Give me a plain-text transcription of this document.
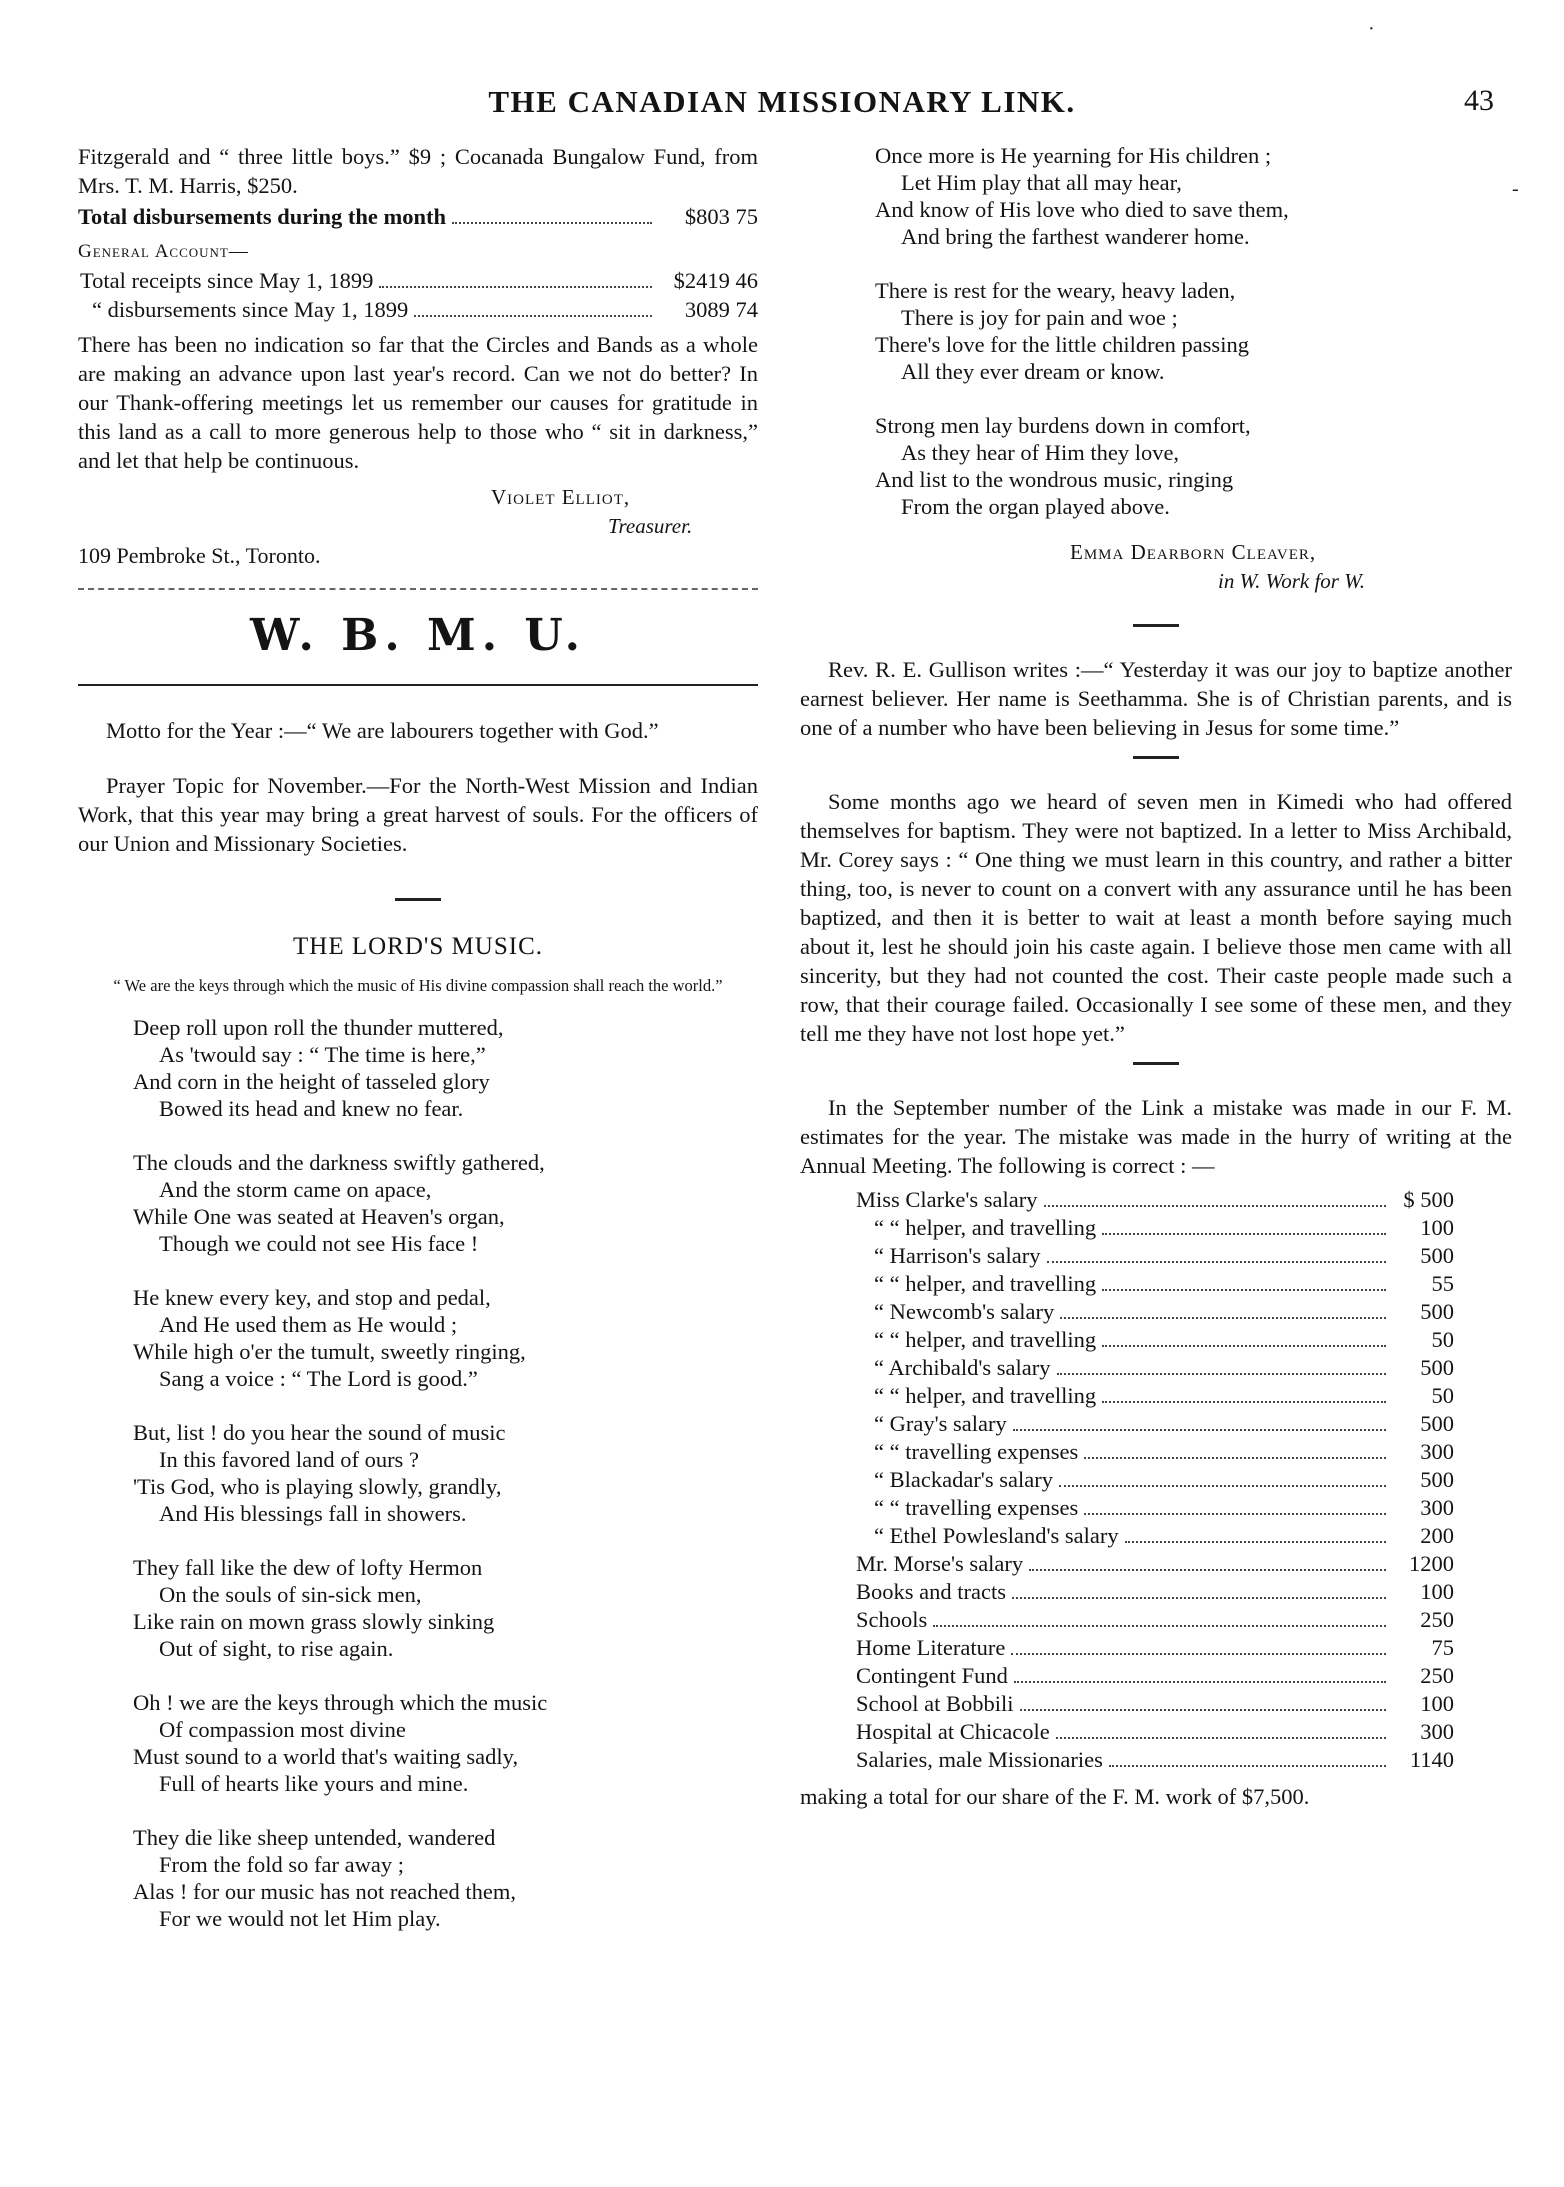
THE CANADIAN MISSIONARY LINK.	43
·
-

Fitzgerald and “ three little boys.” $9 ; Cocanada Bungalow Fund, from Mrs. T. M. Harris, $250.

Total disbursements during the month	$803 75
General Account—
Total receipts since May 1, 1899	$2419 46
“ disbursements since May 1, 1899	3089 74

There has been no indication so far that the Circles and Bands as a whole are making an advance upon last year's record. Can we not do better? In our Thank-offering meetings let us remember our causes for gratitude in this land as a call to more generous help to those who “ sit in darkness,” and let that help be continuous.

Violet Elliot,
Treasurer.
109 Pembroke St., Toronto.
W. B. M. U.

Motto for the Year :—“ We are labourers together with God.”

Prayer Topic for November.—For the North-West Mission and Indian Work, that this year may bring a great harvest of souls. For the officers of our Union and Missionary Societies.

THE LORD'S MUSIC.
“ We are the keys through which the music of His divine compassion shall reach the world.”
Deep roll upon roll the thunder muttered,
As 'twould say : “ The time is here,”
And corn in the height of tasseled glory
Bowed its head and knew no fear.
The clouds and the darkness swiftly gathered,
And the storm came on apace,
While One was seated at Heaven's organ,
Though we could not see His face !
He knew every key, and stop and pedal,
And He used them as He would ;
While high o'er the tumult, sweetly ringing,
Sang a voice : “ The Lord is good.”
But, list ! do you hear the sound of music
In this favored land of ours ?
'Tis God, who is playing slowly, grandly,
And His blessings fall in showers.
They fall like the dew of lofty Hermon
On the souls of sin-sick men,
Like rain on mown grass slowly sinking
Out of sight, to rise again.
Oh ! we are the keys through which the music
Of compassion most divine
Must sound to a world that's waiting sadly,
Full of hearts like yours and mine.
They die like sheep untended, wandered
From the fold so far away ;
Alas ! for our music has not reached them,
For we would not let Him play.
Once more is He yearning for His children ;
Let Him play that all may hear,
And know of His love who died to save them,
And bring the farthest wanderer home.
There is rest for the weary, heavy laden,
There is joy for pain and woe ;
There's love for the little children passing
All they ever dream or know.
Strong men lay burdens down in comfort,
As they hear of Him they love,
And list to the wondrous music, ringing
From the organ played above.
Emma Dearborn Cleaver,
in W. Work for W.

Rev. R. E. Gullison writes :—“ Yesterday it was our joy to baptize another earnest believer. Her name is Seethamma. She is of Christian parents, and is one of a number who have been believing in Jesus for some time.”

Some months ago we heard of seven men in Kimedi who had offered themselves for baptism. They were not baptized. In a letter to Miss Archibald, Mr. Corey says : “ One thing we must learn in this country, and rather a bitter thing, too, is never to count on a convert with any assurance until he has been baptized, and then it is better to wait at least a month before saying much about it, lest he should join his caste again. I believe those men came with all sincerity, but they had not counted the cost. Their caste people made such a row, that their courage failed. Occasionally I see some of these men, and they tell me they have not lost hope yet.”

In the September number of the Link a mistake was made in our F. M. estimates for the year. The mistake was made in the hurry of writing at the Annual Meeting. The following is correct : —

Miss Clarke's salary	$ 500
“ “ helper, and travelling	100
“ Harrison's salary	500
“ “ helper, and travelling	55
“ Newcomb's salary	500
“ “ helper, and travelling	50
“ Archibald's salary	500
“ “ helper, and travelling	50
“ Gray's salary	500
“ “ travelling expenses	300
“ Blackadar's salary	500
“ “ travelling expenses	300
“ Ethel Powlesland's salary	200
Mr. Morse's salary	1200
Books and tracts	100
Schools	250
Home Literature	75
Contingent Fund	250
School at Bobbili	100
Hospital at Chicacole	300
Salaries, male Missionaries	1140

making a total for our share of the F. M. work of $7,500.
